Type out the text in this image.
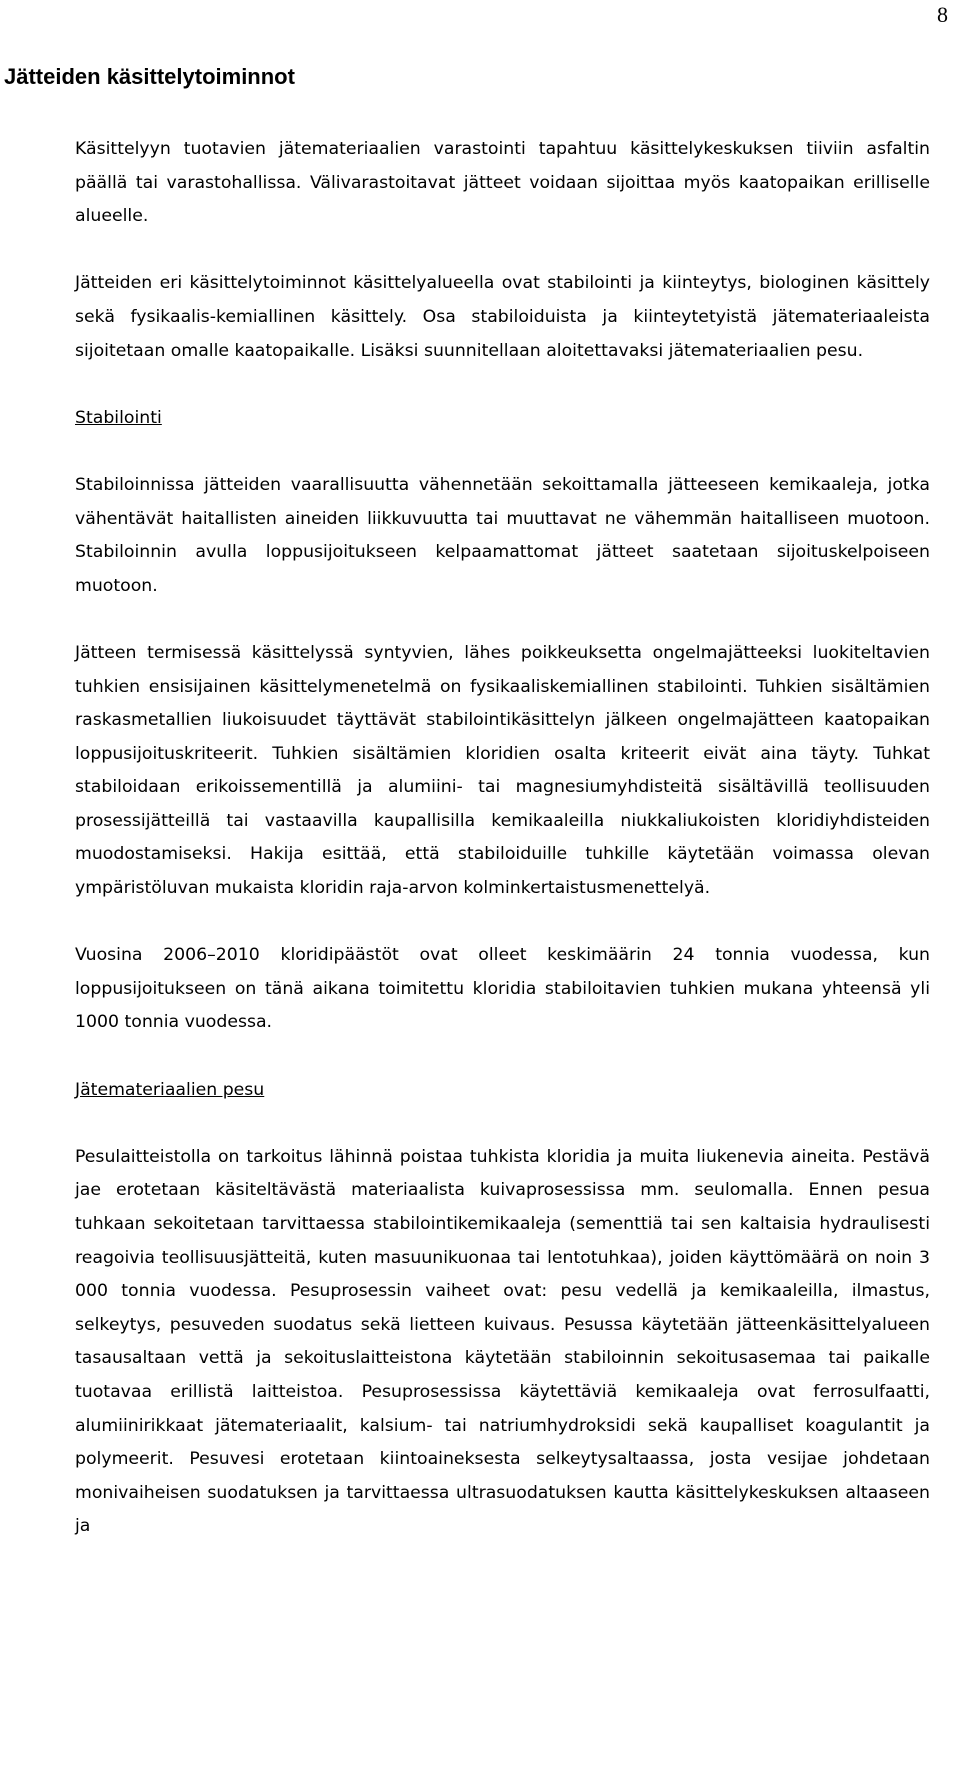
8
Jätteiden käsittelytoiminnot

Käsittelyyn tuotavien jätemateriaalien varastointi tapahtuu käsittelykeskuksen tiiviin asfaltin päällä tai varastohallissa. Välivarastoitavat jätteet voidaan sijoittaa myös kaatopaikan erilliselle alueelle.

Jätteiden eri käsittelytoiminnot käsittelyalueella ovat stabilointi ja kiinteytys, biologinen käsittely sekä fysikaalis-kemiallinen käsittely. Osa stabiloiduista ja kiinteytetyistä jätemateriaaleista sijoitetaan omalle kaatopaikalle. Lisäksi suunnitellaan aloitettavaksi jätemateriaalien pesu.

Stabilointi

Stabiloinnissa jätteiden vaarallisuutta vähennetään sekoittamalla jätteeseen kemikaaleja, jotka vähentävät haitallisten aineiden liikkuvuutta tai muuttavat ne vähemmän haitalliseen muotoon. Stabiloinnin avulla loppusijoitukseen kelpaamattomat jätteet saatetaan sijoituskelpoiseen muotoon.

Jätteen termisessä käsittelyssä syntyvien, lähes poikkeuksetta ongelmajätteeksi luokiteltavien tuhkien ensisijainen käsittelymenetelmä on fysikaaliskemiallinen stabilointi. Tuhkien sisältämien raskasmetallien liukoisuudet täyttävät stabilointikäsittelyn jälkeen ongelmajätteen kaatopaikan loppusijoituskriteerit. Tuhkien sisältämien kloridien osalta kriteerit eivät aina täyty. Tuhkat stabiloidaan erikoissementillä ja alumiini- tai magnesiumyhdisteitä sisältävillä teollisuuden prosessijätteillä tai vastaavilla kaupallisilla kemikaaleilla niukkaliukoisten kloridiyhdisteiden muodostamiseksi. Hakija esittää, että stabiloiduille tuhkille käytetään voimassa olevan ympäristöluvan mukaista kloridin raja-arvon kolminkertaistusmenettelyä.

Vuosina 2006–2010 kloridipäästöt ovat olleet keskimäärin 24 tonnia vuodessa, kun loppusijoitukseen on tänä aikana toimitettu kloridia stabiloitavien tuhkien mukana yhteensä yli 1000 tonnia vuodessa.

Jätemateriaalien pesu

Pesulaitteistolla on tarkoitus lähinnä poistaa tuhkista kloridia ja muita liukenevia aineita. Pestävä jae erotetaan käsiteltävästä materiaalista kuivaprosessissa mm. seulomalla. Ennen pesua tuhkaan sekoitetaan tarvittaessa stabilointikemikaaleja (sementtiä tai sen kaltaisia hydraulisesti reagoivia teollisuusjätteitä, kuten masuunikuonaa tai lentotuhkaa), joiden käyttömäärä on noin 3 000 tonnia vuodessa. Pesuprosessin vaiheet ovat: pesu vedellä ja kemikaaleilla, ilmastus, selkeytys, pesuveden suodatus sekä lietteen kuivaus. Pesussa käytetään jätteenkäsittelyalueen tasausaltaan vettä ja sekoituslaitteistona käytetään stabiloinnin sekoitusasemaa tai paikalle tuotavaa erillistä laitteistoa. Pesuprosessissa käytettäviä kemikaaleja ovat ferrosulfaatti, alumiinirikkaat jätemateriaalit, kalsium- tai natriumhydroksidi sekä kaupalliset koagulantit ja polymeerit. Pesuvesi erotetaan kiintoaineksesta selkeytysaltaassa, josta vesijae johdetaan monivaiheisen suodatuksen ja tarvittaessa ultrasuodatuksen kautta käsittelykeskuksen altaaseen ja
